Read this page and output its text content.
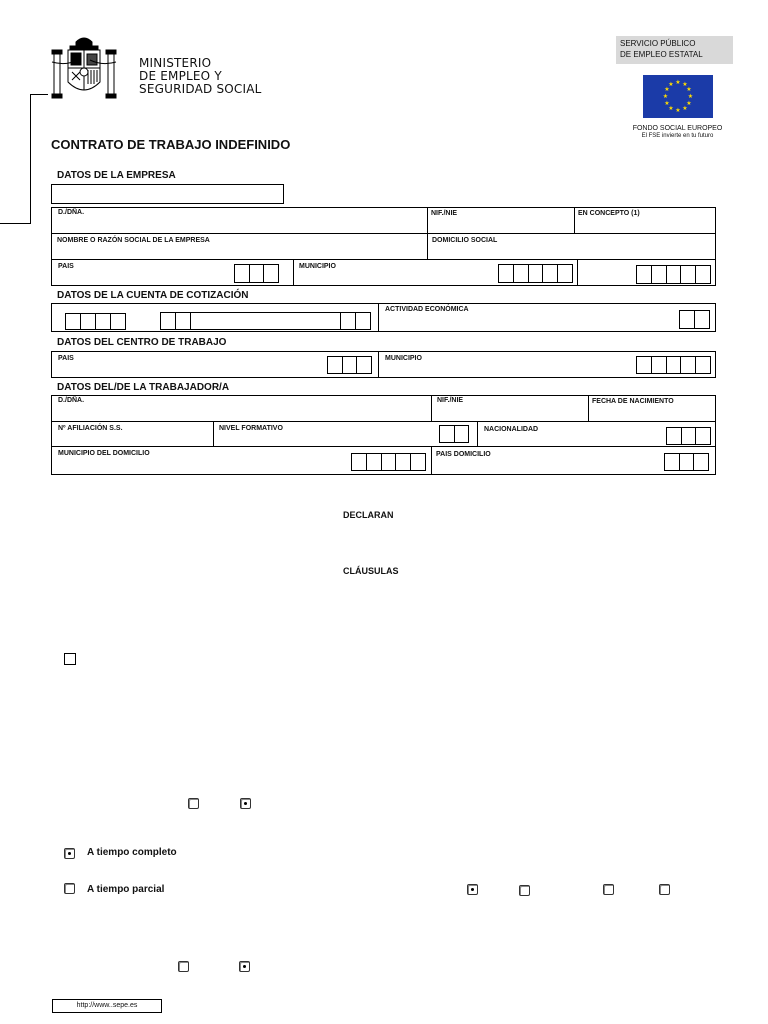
MINISTERIO
DE EMPLEO Y
SEGURIDAD SOCIAL
SERVICIO PÚBLICO
DE EMPLEO ESTATAL
★ ★
★
★
★
★
★
★
★
★
★
★
FONDO SOCIAL EUROPEO
El FSE invierte en tu futuro
CONTRATO DE TRABAJO INDEFINIDO
DATOS DE LA EMPRESA
D./DÑA.	NIF./NIE	EN CONCEPTO (1)
NOMBRE O RAZÓN SOCIAL DE LA EMPRESA	DOMICILIO SOCIAL
PAIS	MUNICIPIO
DATOS DE LA CUENTA DE COTIZACIÓN
ACTIVIDAD ECONÓMICA
DATOS DEL CENTRO DE TRABAJO
PAIS	MUNICIPIO
DATOS DEL/DE LA TRABAJADOR/A
D./DÑA.	NIF./NIE	FECHA DE NACIMIENTO
Nº AFILIACIÓN S.S.	NIVEL FORMATIVO	NACIONALIDAD
MUNICIPIO DEL DOMICILIO	PAIS DOMICILIO
DECLARAN
CLÁUSULAS
A tiempo completo
A tiempo parcial
http://www..sepe.es
